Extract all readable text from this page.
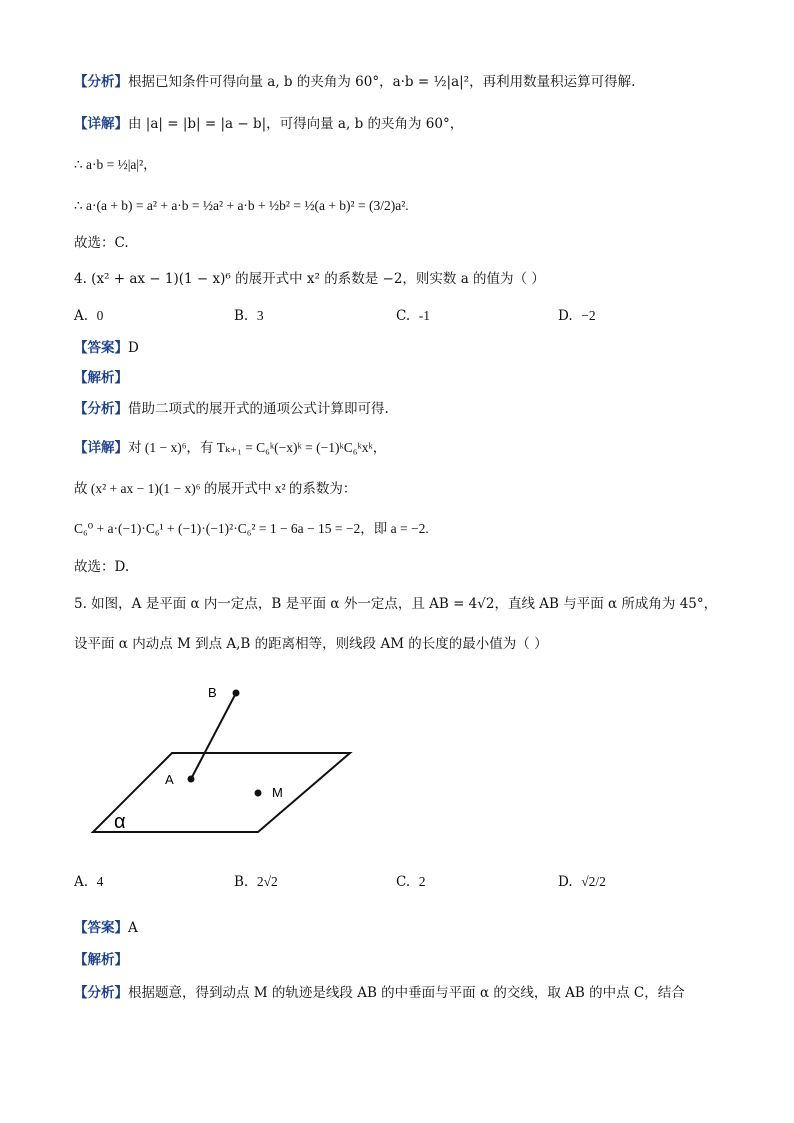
【分析】根据已知条件可得向量 a, b 的夹角为 60°，a·b = ½|a|²，再利用数量积运算可得解.
【详解】由 |a| = |b| = |a − b|，可得向量 a, b 的夹角为 60°，
∴ a·b = ½|a|²，
∴ a·(a + b) = a² + a·b = ½a² + a·b + ½b² = ½(a + b)² = (3/2)a².
故选：C.
4. (x² + ax − 1)(1 − x)⁶ 的展开式中 x² 的系数是 −2，则实数 a 的值为（ ）
A. 0	B. 3	C. -1	D. −2
【答案】D
【解析】
【分析】借助二项式的展开式的通项公式计算即可得.
【详解】对 (1 − x)⁶，有 Tₖ₊₁ = C₆ᵏ(−x)ᵏ = (−1)ᵏC₆ᵏxᵏ，
故 (x² + ax − 1)(1 − x)⁶ 的展开式中 x² 的系数为：
C₆⁰ + a·(−1)·C₆¹ + (−1)·(−1)²·C₆² = 1 − 6a − 15 = −2，即 a = −2.
故选：D.
5. 如图，A 是平面 α 内一定点，B 是平面 α 外一定点，且 AB = 4√2，直线 AB 与平面 α 所成角为 45°，
设平面 α 内动点 M 到点 A,B 的距离相等，则线段 AM 的长度的最小值为（ ）
B
A
M
α
A. 4	B. 2√2	C. 2	D. √2/2
【答案】A
【解析】
【分析】根据题意，得到动点 M 的轨迹是线段 AB 的中垂面与平面 α 的交线，取 AB 的中点 C，结合
